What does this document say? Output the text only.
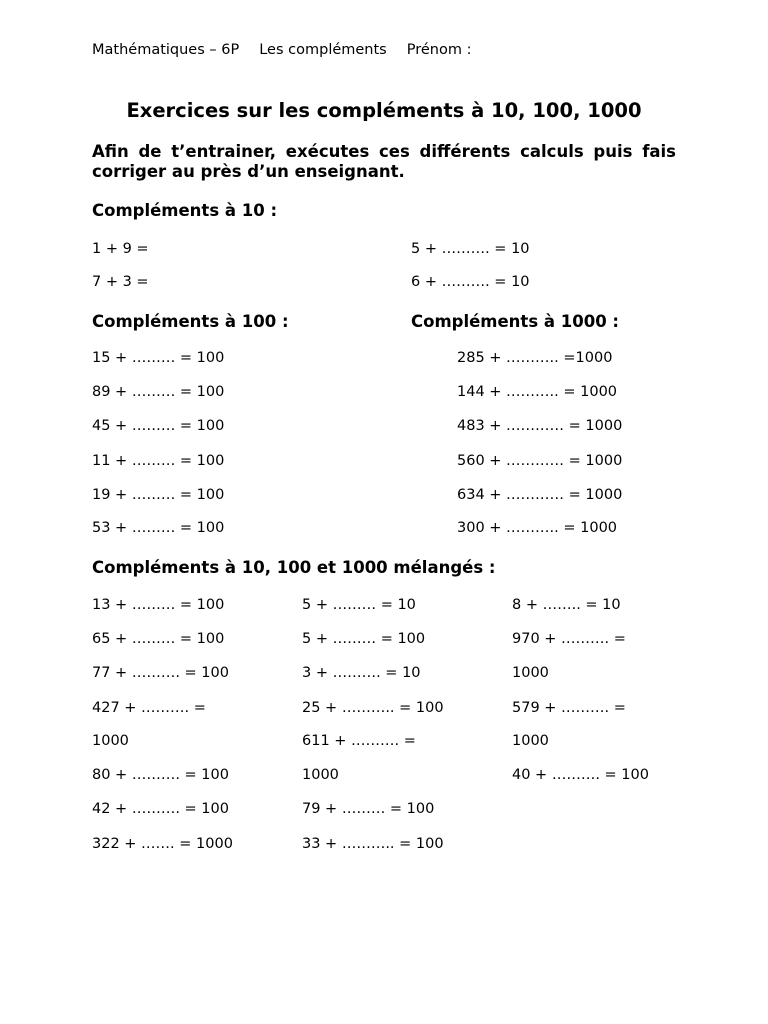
Mathématiques – 6P Les compléments Prénom :
Exercices sur les compléments à 10, 100, 1000
Afin de t’entrainer, exécutes ces différents calculs puis fais corriger au près d’un enseignant.
Compléments à 10 :
1 + 9 =
7 + 3 =
5 + ………. = 10
6 + ………. = 10
Compléments à 100 :	Compléments à 1000 :
15 + ……… = 100
89 + ……… = 100
45 + ……… = 100
11 + ……… = 100
19 + ……… = 100
53 + ……… = 100
285 + ……….. =1000
144 + ……….. = 1000
483 + ………… = 1000
560 + ………… = 1000
634 + ………… = 1000
300 + ……….. = 1000
Compléments à 10, 100 et 1000 mélangés :
13 + ……… = 100
65 + ……… = 100
77 + ………. = 100
427 + ………. =
1000
80 + ………. = 100
42 + ………. = 100
322 + ……. = 1000
5 + ……… = 10
5 + ……… = 100
3 + ………. = 10
25 + ……….. = 100
611 + ………. =
1000
79 + ……… = 100
33 + ……….. = 100
8 + …….. = 10
970 + ………. =
1000
579 + ………. =
1000
40 + ………. = 100
